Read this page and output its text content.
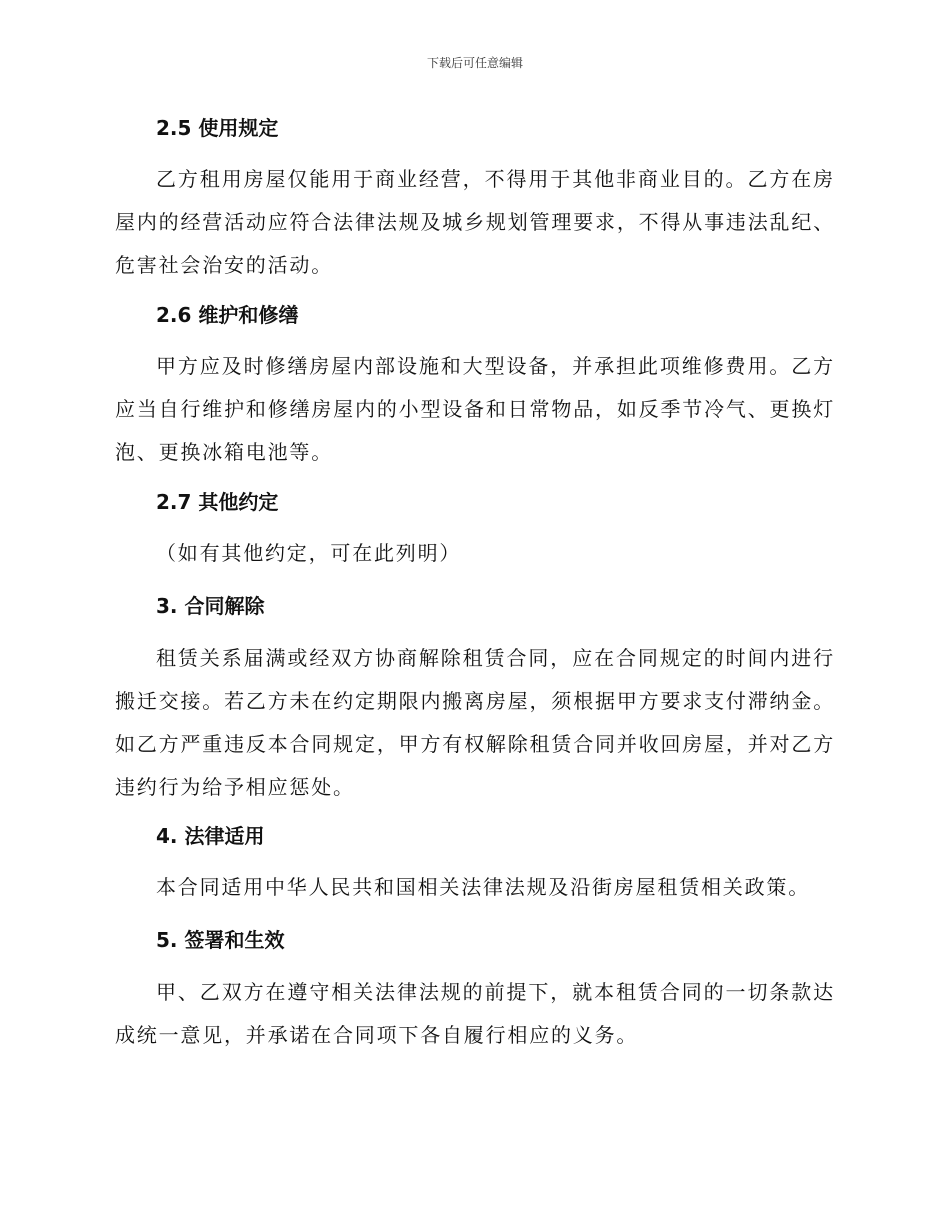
下载后可任意编辑
2.5 使用规定

乙方租用房屋仅能用于商业经营，不得用于其他非商业目的。乙方在房屋内的经营活动应符合法律法规及城乡规划管理要求，不得从事违法乱纪、危害社会治安的活动。

2.6 维护和修缮

甲方应及时修缮房屋内部设施和大型设备，并承担此项维修费用。乙方应当自行维护和修缮房屋内的小型设备和日常物品，如反季节冷气、更换灯泡、更换冰箱电池等。

2.7 其他约定

（如有其他约定，可在此列明）

3. 合同解除

租赁关系届满或经双方协商解除租赁合同，应在合同规定的时间内进行搬迁交接。若乙方未在约定期限内搬离房屋，须根据甲方要求支付滞纳金。如乙方严重违反本合同规定，甲方有权解除租赁合同并收回房屋，并对乙方违约行为给予相应惩处。

4. 法律适用

本合同适用中华人民共和国相关法律法规及沿街房屋租赁相关政策。

5. 签署和生效

甲、乙双方在遵守相关法律法规的前提下，就本租赁合同的一切条款达成统一意见，并承诺在合同项下各自履行相应的义务。
